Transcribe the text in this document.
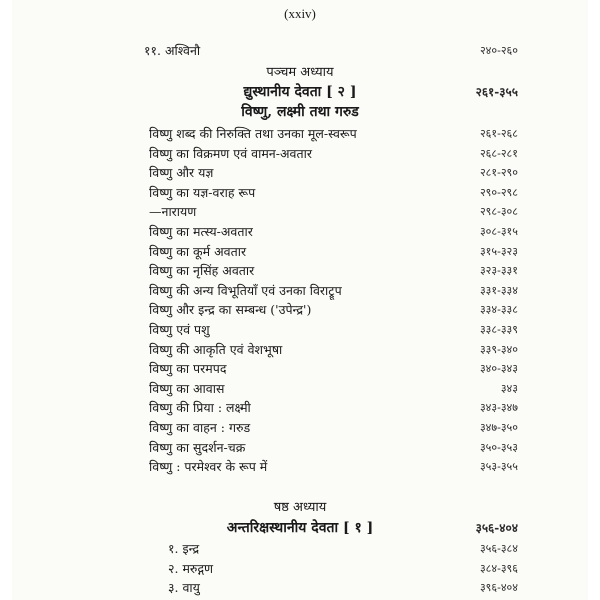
(xxiv)
११. अश्विनौ	२४०-२६०
पञ्चम अध्याय
द्युस्थानीय देवता [ २ ]	२६१-३५५
विष्णु, लक्ष्मी तथा गरुड
विष्णु शब्द की निरुक्ति तथा उनका मूल-स्वरूप	२६१-२६८
विष्णु का विक्रमण एवं वामन-अवतार	२६८-२८१
विष्णु और यज्ञ	२८१-२९०
विष्णु का यज्ञ-वराह रूप	२९०-२९८
—नारायण	२९८-३०८
विष्णु का मत्स्य-अवतार	३०८-३१५
विष्णु का कूर्म अवतार	३१५-३२३
विष्णु का नृसिंह अवतार	३२३-३३१
विष्णु की अन्य विभूतियाँ एवं उनका विराट्रूप	३३१-३३४
विष्णु और इन्द्र का सम्बन्ध ('उपेन्द्र')	३३४-३३८
विष्णु एवं पशु	३३८-३३९
विष्णु की आकृति एवं वेशभूषा	३३९-३४०
विष्णु का परमपद	३४०-३४३
विष्णु का आवास	३४३
विष्णु की प्रिया : लक्ष्मी	३४३-३४७
विष्णु का वाहन : गरुड	३४७-३५०
विष्णु का सुदर्शन-चक्र	३५०-३५३
विष्णु : परमेश्वर के रूप में	३५३-३५५
षष्ठ अध्याय
अन्तरिक्षस्थानीय देवता [ १ ]	३५६-४०४
१. इन्द्र	३५६-३८४
२. मरुद्गण	३८४-३९६
३. वायु	३९६-४०४
